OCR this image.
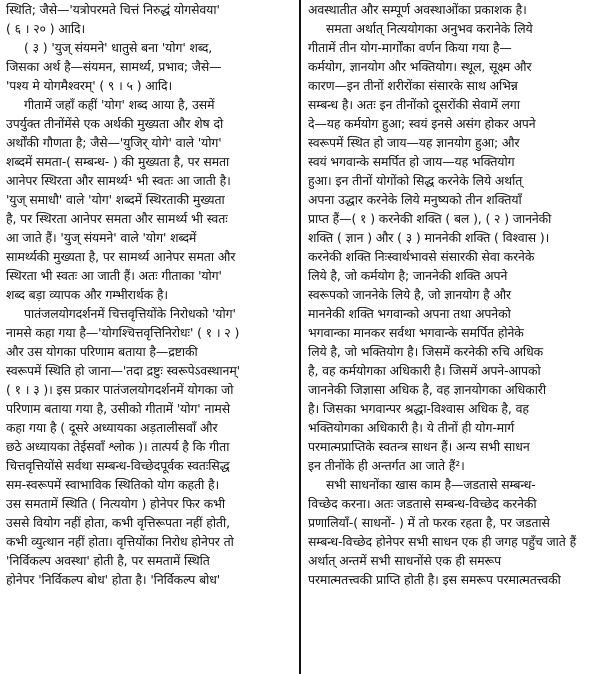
स्थिति; जैसे—'यत्रोपरमते चित्तं निरुद्धं योगसेवया'
( ६ । २० ) आदि।
( ३ ) 'युज् संयमने' धातुसे बना 'योग' शब्द,
जिसका अर्थ है—संयमन, सामर्थ्य, प्रभाव; जैसे—
'पश्य मे योगमैश्वरम्' ( ९ । ५ ) आदि।
गीतामें जहाँ कहीं 'योग' शब्द आया है, उसमें
उपर्युक्त तीनोंमेंसे एक अर्थकी मुख्यता और शेष दो
अर्थोंकी गौणता है; जैसे—'युजिर् योगे' वाले 'योग'
शब्दमें समता-( सम्बन्ध- ) की मुख्यता है, पर समता
आनेपर स्थिरता और सामर्थ्य¹ भी स्वतः आ जाती है।
'युज् समाधौ' वाले 'योग' शब्दमें स्थिरताकी मुख्यता
है, पर स्थिरता आनेपर समता और सामर्थ्य भी स्वतः
आ जाते हैं। 'युज् संयमने' वाले 'योग' शब्दमें
सामर्थ्यकी मुख्यता है, पर सामर्थ्य आनेपर समता और
स्थिरता भी स्वतः आ जाती हैं। अतः गीताका 'योग'
शब्द बड़ा व्यापक और गम्भीरार्थक है।
पातंजलयोगदर्शनमें चित्तवृत्तियोंके निरोधको 'योग'
नामसे कहा गया है—'योगश्चित्तवृत्तिनिरोधः' ( १ । २ )
और उस योगका परिणाम बताया है—द्रष्टाकी
स्वरूपमें स्थिति हो जाना—'तदा द्रष्टुः स्वरूपेऽवस्थानम्'
( १ । ३ )। इस प्रकार पातंजलयोगदर्शनमें योगका जो
परिणाम बताया गया है, उसीको गीतामें 'योग' नामसे
कहा गया है ( दूसरे अध्यायका अड़तालीसवाँ और
छठे अध्यायका तेईसवाँ श्लोक )। तात्पर्य है कि गीता
चित्तवृत्तियोंसे सर्वथा सम्बन्ध-विच्छेदपूर्वक स्वतःसिद्ध
सम-स्वरूपमें स्वाभाविक स्थितिको योग कहती है।
उस समतामें स्थिति ( नित्ययोग ) होनेपर फिर कभी
उससे वियोग नहीं होता, कभी वृत्तिरूपता नहीं होती,
कभी व्युत्थान नहीं होता। वृत्तियोंका निरोध होनेपर तो
'निर्विकल्प अवस्था' होती है, पर समतामें स्थिति
होनेपर 'निर्विकल्प बोध' होता है। 'निर्विकल्प बोध'
अवस्थातीत और सम्पूर्ण अवस्थाओंका प्रकाशक है।
समता अर्थात् नित्ययोगका अनुभव करानेके लिये
गीतामें तीन योग-मार्गोंका वर्णन किया गया है—
कर्मयोग, ज्ञानयोग और भक्तियोग। स्थूल, सूक्ष्म और
कारण—इन तीनों शरीरोंका संसारके साथ अभिन्न
सम्बन्ध है। अतः इन तीनोंको दूसरोंकी सेवामें लगा
दे—यह कर्मयोग हुआ; स्वयं इनसे असंग होकर अपने
स्वरूपमें स्थित हो जाय—यह ज्ञानयोग हुआ; और
स्वयं भगवान्के समर्पित हो जाय—यह भक्तियोग
हुआ। इन तीनों योगोंको सिद्ध करनेके लिये अर्थात्
अपना उद्धार करनेके लिये मनुष्यको तीन शक्तियाँ
प्राप्त हैं—( १ ) करनेकी शक्ति ( बल ), ( २ ) जाननेकी
शक्ति ( ज्ञान ) और ( ३ ) माननेकी शक्ति ( विश्वास )।
करनेकी शक्ति निःस्वार्थभावसे संसारकी सेवा करनेके
लिये है, जो कर्मयोग है; जाननेकी शक्ति अपने
स्वरूपको जाननेके लिये है, जो ज्ञानयोग है और
माननेकी शक्ति भगवान्को अपना तथा अपनेको
भगवान्का मानकर सर्वथा भगवान्के समर्पित होनेके
लिये है, जो भक्तियोग है। जिसमें करनेकी रुचि अधिक
है, वह कर्मयोगका अधिकारी है। जिसमें अपने-आपको
जाननेकी जिज्ञासा अधिक है, वह ज्ञानयोगका अधिकारी
है। जिसका भगवान्पर श्रद्धा-विश्वास अधिक है, वह
भक्तियोगका अधिकारी है। ये तीनों ही योग-मार्ग
परमात्मप्राप्तिके स्वतन्त्र साधन हैं। अन्य सभी साधन
इन तीनोंके ही अन्तर्गत आ जाते हैं²।
सभी साधनोंका खास काम है—जडतासे सम्बन्ध-
विच्छेद करना। अतः जडतासे सम्बन्ध-विच्छेद करनेकी
प्रणालियाँ-( साधनों- ) में तो फरक रहता है, पर जडतासे
सम्बन्ध-विच्छेद होनेपर सभी साधन एक ही जगह पहुँच जाते हैं
अर्थात् अन्तमें सभी साधनोंसे एक ही समरूप
परमात्मतत्त्वकी प्राप्ति होती है। इस समरूप परमात्मतत्त्वकी
